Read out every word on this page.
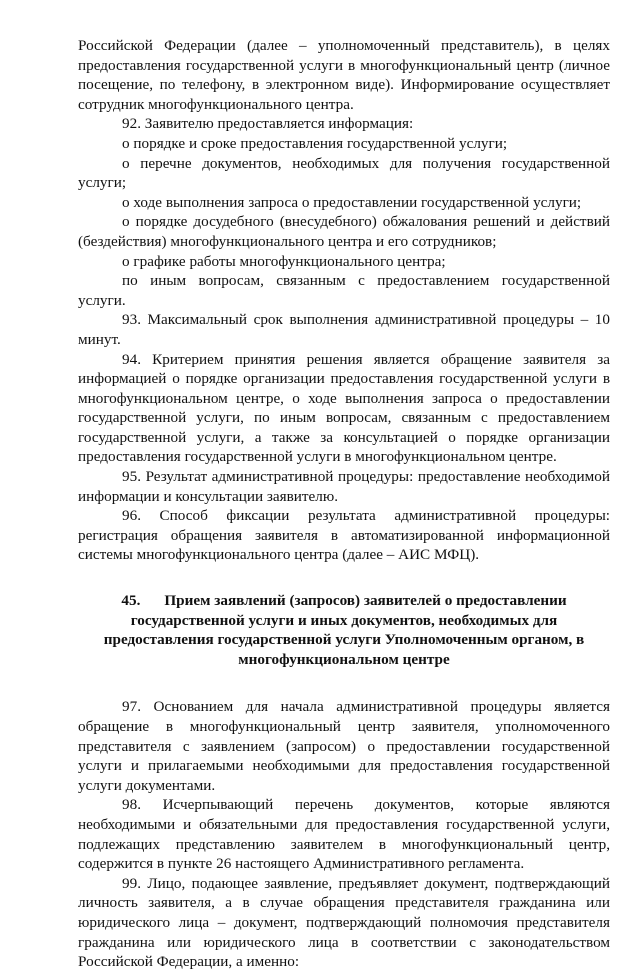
Российской Федерации (далее – уполномоченный представитель), в целях предоставления государственной услуги в многофункциональный центр (личное посещение, по телефону, в электронном виде). Информирование осуществляет сотрудник многофункционального центра.

92. Заявителю предоставляется информация:

о порядке и сроке предоставления государственной услуги;

о перечне документов, необходимых для получения государственной услуги;

о ходе выполнения запроса о предоставлении государственной услуги;

о порядке досудебного (внесудебного) обжалования решений и действий (бездействия) многофункционального центра и его сотрудников;

о графике работы многофункционального центра;

по иным вопросам, связанным с предоставлением государственной услуги.

93. Максимальный срок выполнения административной процедуры – 10 минут.

94. Критерием принятия решения является обращение заявителя за информацией о порядке организации предоставления государственной услуги в многофункциональном центре, о ходе выполнения запроса о предоставлении государственной услуги, по иным вопросам, связанным с предоставлением государственной услуги, а также за консультацией о порядке организации предоставления государственной услуги в многофункциональном центре.

95. Результат административной процедуры: предоставление необходимой информации и консультации заявителю.

96. Способ фиксации результата административной процедуры: регистрация обращения заявителя в автоматизированной информационной системы многофункционального центра (далее – АИС МФЦ).

45. Прием заявлений (запросов) заявителей о предоставлении государственной услуги и иных документов, необходимых для предоставления государственной услуги Уполномоченным органом, в многофункциональном центре

97. Основанием для начала административной процедуры является обращение в многофункциональный центр заявителя, уполномоченного представителя с заявлением (запросом) о предоставлении государственной услуги и прилагаемыми необходимыми для предоставления государственной услуги документами.

98. Исчерпывающий перечень документов, которые являются необходимыми и обязательными для предоставления государственной услуги, подлежащих представлению заявителем в многофункциональный центр, содержится в пункте 26 настоящего Административного регламента.

99. Лицо, подающее заявление, предъявляет документ, подтверждающий личность заявителя, а в случае обращения представителя гражданина или юридического лица – документ, подтверждающий полномочия представителя гражданина или юридического лица в соответствии с законодательством Российской Федерации, а именно:
